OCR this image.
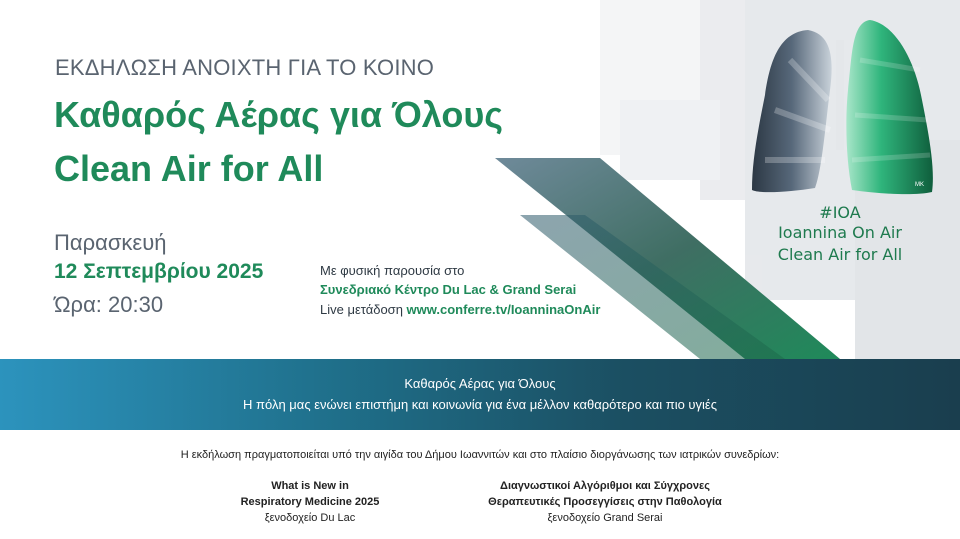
ΕΚΔΗΛΩΣΗ ΑΝΟΙΧΤΗ ΓΙΑ ΤΟ ΚΟΙΝΟ
Καθαρός Αέρας για Όλους
Clean Air for All
Παρασκευή
12 Σεπτεμβρίου 2025
Ώρα: 20:30
Με φυσική παρουσία στο
Συνεδριακό Κέντρο Du Lac & Grand Serai
Live μετάδοση www.conferre.tv/IoanninaOnAir
MK
#IOA
Ioannina On Air
Clean Air for All
Καθαρός Αέρας για Όλους
Η πόλη μας ενώνει επιστήμη και κοινωνία για ένα μέλλον καθαρότερο και πιο υγιές
Η εκδήλωση πραγματοποιείται υπό την αιγίδα του Δήμου Ιωαννιτών και στο πλαίσιο διοργάνωσης των ιατρικών συνεδρίων:
What is New in
Respiratory Medicine 2025
ξενοδοχείο Du Lac
Διαγνωστικοί Αλγόριθμοι και Σύγχρονες
Θεραπευτικές Προσεγγίσεις στην Παθολογία
ξενοδοχείο Grand Serai
